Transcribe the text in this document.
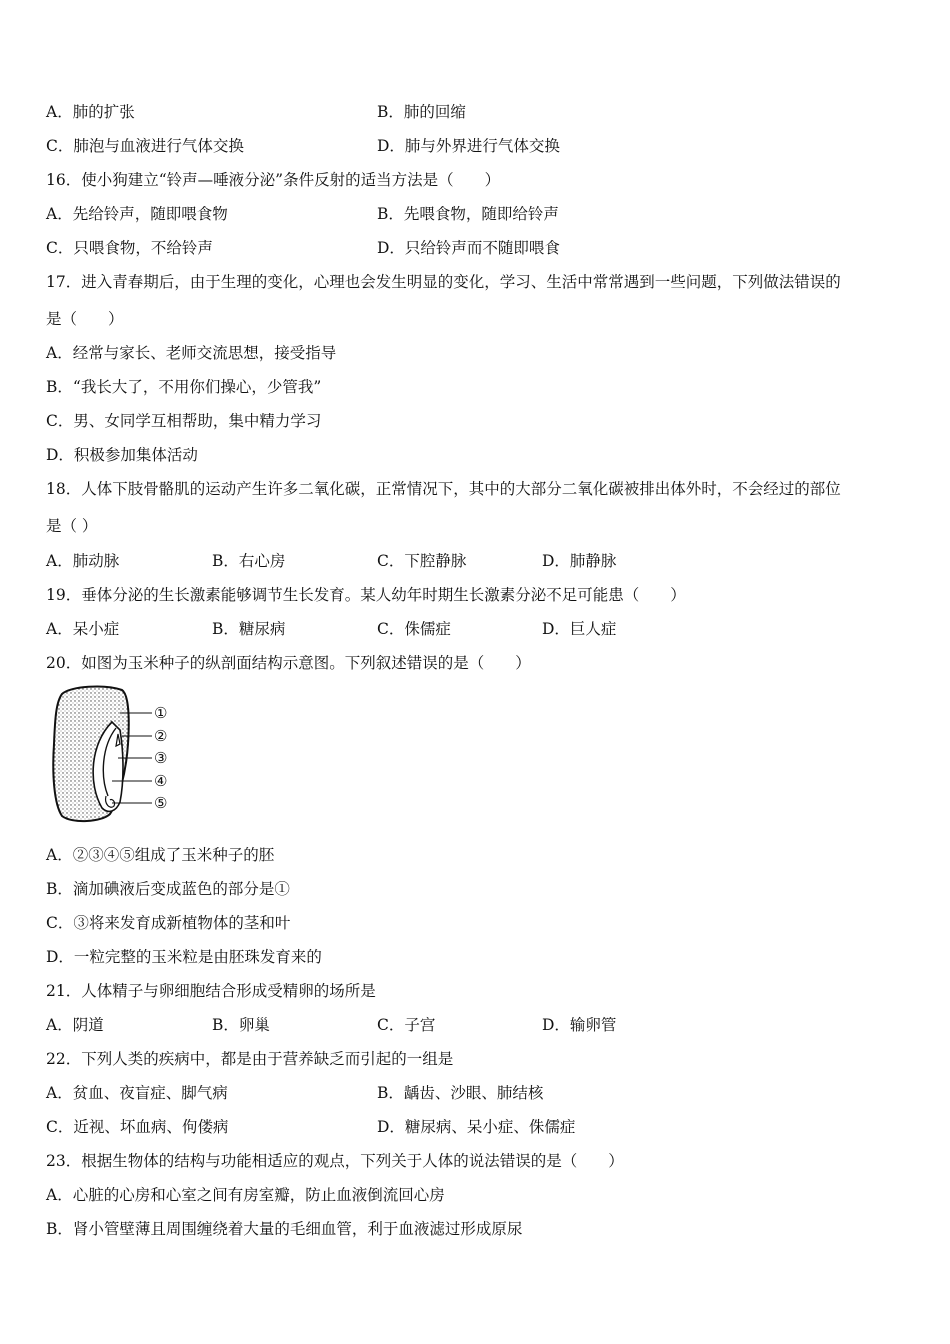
A．肺的扩张	B．肺的回缩
C．肺泡与血液进行气体交换	D．肺与外界进行气体交换
16．使小狗建立“铃声—唾液分泌”条件反射的适当方法是（　　）
A．先给铃声，随即喂食物	B．先喂食物，随即给铃声
C．只喂食物，不给铃声	D．只给铃声而不随即喂食
17．进入青春期后，由于生理的变化，心理也会发生明显的变化，学习、生活中常常遇到一些问题，下列做法错误的
是（　　）
A．经常与家长、老师交流思想，接受指导
B．“我长大了，不用你们操心，少管我”
C．男、女同学互相帮助，集中精力学习
D．积极参加集体活动
18．人体下肢骨骼肌的运动产生许多二氧化碳，正常情况下，其中的大部分二氧化碳被排出体外时，不会经过的部位
是（ ）
A．肺动脉	B．右心房	C．下腔静脉	D．肺静脉
19．垂体分泌的生长激素能够调节生长发育。某人幼年时期生长激素分泌不足可能患（　　）
A．呆小症	B．糖尿病	C．侏儒症	D．巨人症
20．如图为玉米种子的纵剖面结构示意图。下列叙述错误的是（　　）
①
②
③
④
⑤
A．②③④⑤组成了玉米种子的胚
B．滴加碘液后变成蓝色的部分是①
C．③将来发育成新植物体的茎和叶
D．一粒完整的玉米粒是由胚珠发育来的
21．人体精子与卵细胞结合形成受精卵的场所是
A．阴道	B．卵巢	C．子宫	D．输卵管
22．下列人类的疾病中，都是由于营养缺乏而引起的一组是
A．贫血、夜盲症、脚气病	B．龋齿、沙眼、肺结核
C．近视、坏血病、佝偻病	D．糖尿病、呆小症、侏儒症
23．根据生物体的结构与功能相适应的观点，下列关于人体的说法错误的是（　　）
A．心脏的心房和心室之间有房室瓣，防止血液倒流回心房
B．肾小管壁薄且周围缠绕着大量的毛细血管，利于血液滤过形成原尿
